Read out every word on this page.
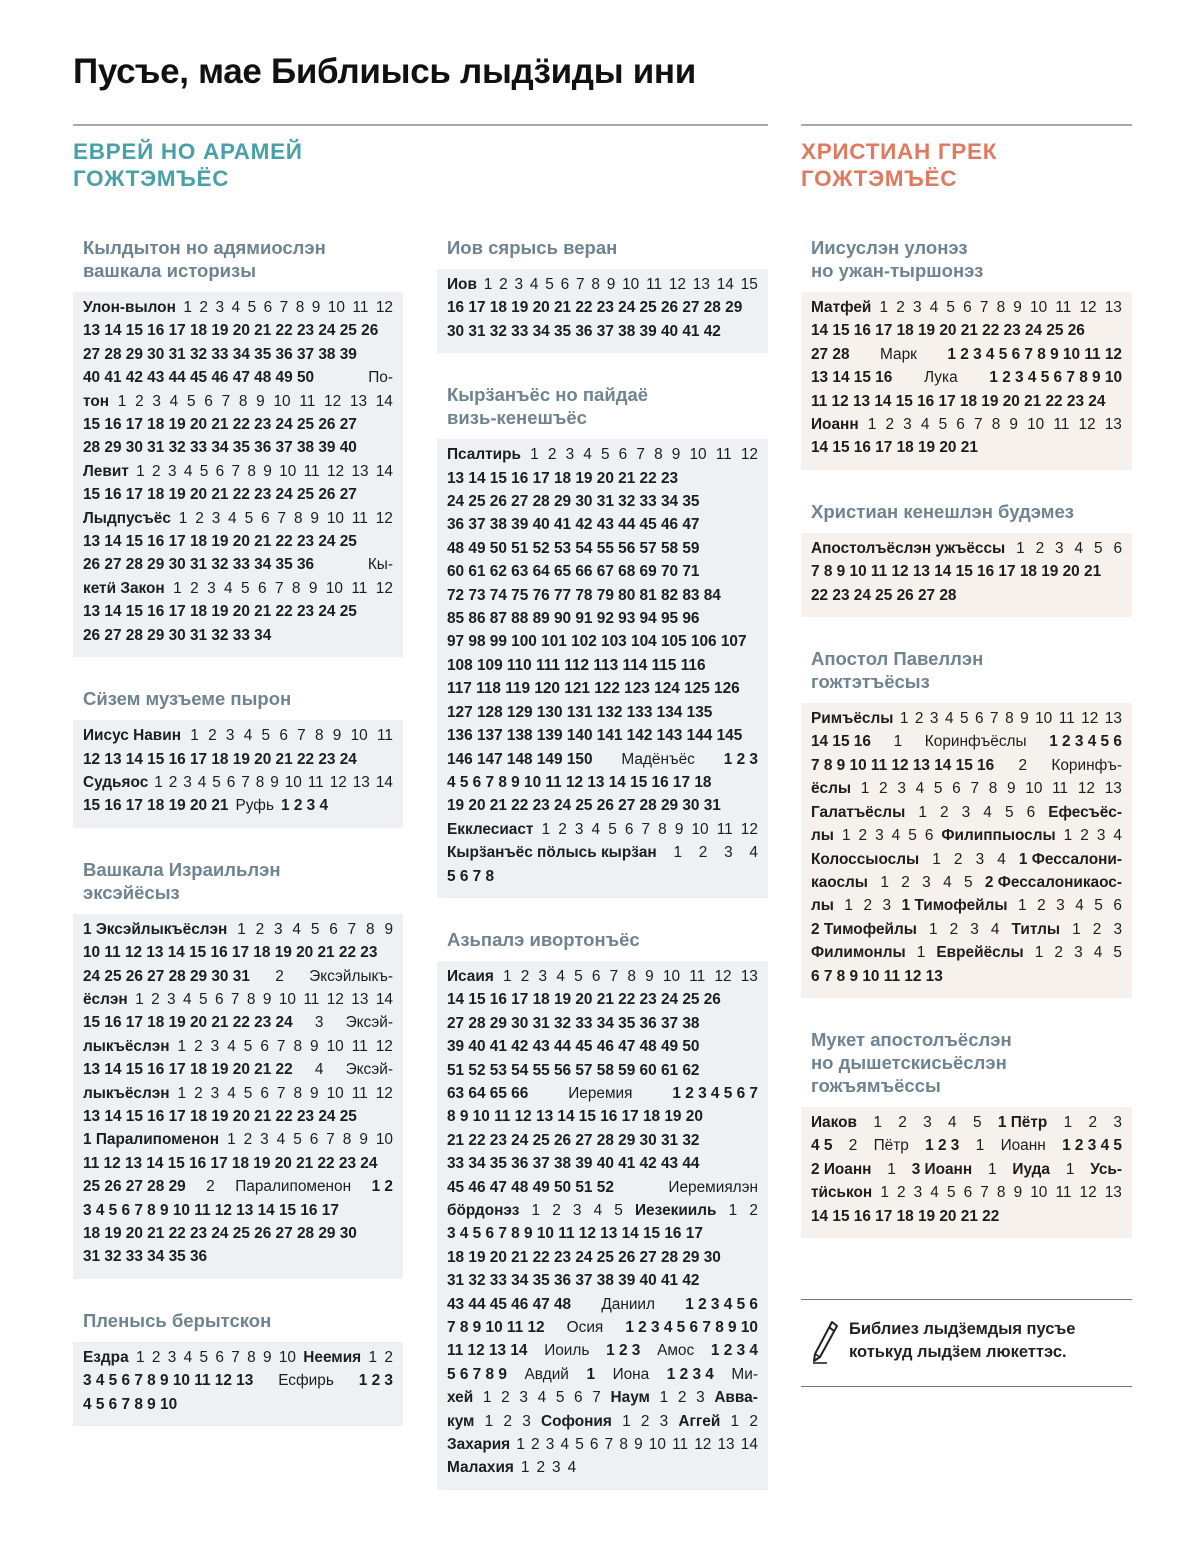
Пусъе, мае Библиысь лыдӟиды ини
ЕВРЕЙ НО АРАМЕЙ
ГОЖТЭМЪЁС
ХРИСТИАН ГРЕК
ГОЖТЭМЪЁС
Кылдытон но адямиослэн
вашкала историзы
Улон-вылон 1 2 3 4 5 6 7 8 9 10 11 12
13 14 15 16 17 18 19 20 21 22 23 24 25 26
27 28 29 30 31 32 33 34 35 36 37 38 39
40 41 42 43 44 45 46 47 48 49 50	По-
тон 1 2 3 4 5 6 7 8 9 10 11 12 13 14
15 16 17 18 19 20 21 22 23 24 25 26 27
28 29 30 31 32 33 34 35 36 37 38 39 40
Левит 1 2 3 4 5 6 7 8 9 10 11 12 13 14
15 16 17 18 19 20 21 22 23 24 25 26 27
Лыдпусъёс 1 2 3 4 5 6 7 8 9 10 11 12
13 14 15 16 17 18 19 20 21 22 23 24 25
26 27 28 29 30 31 32 33 34 35 36	Кы-
кетӥ Закон 1 2 3 4 5 6 7 8 9 10 11 12
13 14 15 16 17 18 19 20 21 22 23 24 25
26 27 28 29 30 31 32 33 34
Сӥзем музъеме пырон
Иисус Навин 1 2 3 4 5 6 7 8 9 10 11
12 13 14 15 16 17 18 19 20 21 22 23 24
Судьяос 1 2 3 4 5 6 7 8 9 10 11 12 13 14
15 16 17 18 19 20 21 Руфь 1 2 3 4
Вашкала Израильлэн
эксэйёсыз
1 Эксэйлыкъёслэн 1 2 3 4 5 6 7 8 9
10 11 12 13 14 15 16 17 18 19 20 21 22 23
24 25 26 27 28 29 30 31 2 Эксэйлыкъ-
ёслэн 1 2 3 4 5 6 7 8 9 10 11 12 13 14
15 16 17 18 19 20 21 22 23 24 3 Эксэй-
лыкъёслэн 1 2 3 4 5 6 7 8 9 10 11 12
13 14 15 16 17 18 19 20 21 22 4 Эксэй-
лыкъёслэн 1 2 3 4 5 6 7 8 9 10 11 12
13 14 15 16 17 18 19 20 21 22 23 24 25
1 Паралипоменон 1 2 3 4 5 6 7 8 9 10
11 12 13 14 15 16 17 18 19 20 21 22 23 24
25 26 27 28 29 2 Паралипоменон 1 2
3 4 5 6 7 8 9 10 11 12 13 14 15 16 17
18 19 20 21 22 23 24 25 26 27 28 29 30
31 32 33 34 35 36
Пленысь берытскон
Ездра 1 2 3 4 5 6 7 8 9 10 Неемия 1 2
3 4 5 6 7 8 9 10 11 12 13 Есфирь 1 2 3
4 5 6 7 8 9 10
Иов сярысь веран
Иов 1 2 3 4 5 6 7 8 9 10 11 12 13 14 15
16 17 18 19 20 21 22 23 24 25 26 27 28 29
30 31 32 33 34 35 36 37 38 39 40 41 42
Кырӟанъёс но пайдаё
визь-кенешъёс
Псалтирь 1 2 3 4 5 6 7 8 9 10 11 12
13 14 15 16 17 18 19 20 21 22 23
24 25 26 27 28 29 30 31 32 33 34 35
36 37 38 39 40 41 42 43 44 45 46 47
48 49 50 51 52 53 54 55 56 57 58 59
60 61 62 63 64 65 66 67 68 69 70 71
72 73 74 75 76 77 78 79 80 81 82 83 84
85 86 87 88 89 90 91 92 93 94 95 96
97 98 99 100 101 102 103 104 105 106 107
108 109 110 111 112 113 114 115 116
117 118 119 120 121 122 123 124 125 126
127 128 129 130 131 132 133 134 135
136 137 138 139 140 141 142 143 144 145
146 147 148 149 150 Мадёнъёс 1 2 3
4 5 6 7 8 9 10 11 12 13 14 15 16 17 18
19 20 21 22 23 24 25 26 27 28 29 30 31
Екклесиаст 1 2 3 4 5 6 7 8 9 10 11 12
Кырӟанъёс пӧлысь кырӟан 1 2 3 4
5 6 7 8
Азьпалэ ивортонъёс
Исаия 1 2 3 4 5 6 7 8 9 10 11 12 13
14 15 16 17 18 19 20 21 22 23 24 25 26
27 28 29 30 31 32 33 34 35 36 37 38
39 40 41 42 43 44 45 46 47 48 49 50
51 52 53 54 55 56 57 58 59 60 61 62
63 64 65 66	Иеремия	1 2 3 4 5 6 7
8 9 10 11 12 13 14 15 16 17 18 19 20
21 22 23 24 25 26 27 28 29 30 31 32
33 34 35 36 37 38 39 40 41 42 43 44
45 46 47 48 49 50 51 52	Иеремиялэн
бӧрдонэз 1 2 3 4 5 Иезекииль 1 2
3 4 5 6 7 8 9 10 11 12 13 14 15 16 17
18 19 20 21 22 23 24 25 26 27 28 29 30
31 32 33 34 35 36 37 38 39 40 41 42
43 44 45 46 47 48 Даниил 1 2 3 4 5 6
7 8 9 10 11 12 Осия 1 2 3 4 5 6 7 8 9 10
11 12 13 14 Иоиль 1 2 3 Амос 1 2 3 4
5 6 7 8 9 Авдий 1 Иона 1 2 3 4 Ми-
хей 1 2 3 4 5 6 7 Наум 1 2 3 Авва-
кум 1 2 3 Софония 1 2 3 Аггей 1 2
Захария 1 2 3 4 5 6 7 8 9 10 11 12 13 14
Малахия 1 2 3 4
Иисуслэн улонэз
но ужан-тыршонэз
Матфей 1 2 3 4 5 6 7 8 9 10 11 12 13
14 15 16 17 18 19 20 21 22 23 24 25 26
27 28 Марк 1 2 3 4 5 6 7 8 9 10 11 12
13 14 15 16 Лука 1 2 3 4 5 6 7 8 9 10
11 12 13 14 15 16 17 18 19 20 21 22 23 24
Иоанн 1 2 3 4 5 6 7 8 9 10 11 12 13
14 15 16 17 18 19 20 21
Христиан кенешлэн будэмез
Апостолъёслэн ужъёссы 1 2 3 4 5 6
7 8 9 10 11 12 13 14 15 16 17 18 19 20 21
22 23 24 25 26 27 28
Апостол Павеллэн
гожтэтъёсыз
Римъёслы 1 2 3 4 5 6 7 8 9 10 11 12 13
14 15 16 1 Коринфъёслы 1 2 3 4 5 6
7 8 9 10 11 12 13 14 15 16 2 Коринфъ-
ёслы 1 2 3 4 5 6 7 8 9 10 11 12 13
Галатъёслы 1 2 3 4 5 6 Ефесъёс-
лы 1 2 3 4 5 6 Филиппыослы 1 2 3 4
Колоссыослы 1 2 3 4 1 Фессалони-
каослы 1 2 3 4 5 2 Фессалоникаос-
лы 1 2 3 1 Тимофейлы 1 2 3 4 5 6
2 Тимофейлы 1 2 3 4 Титлы 1 2 3
Филимонлы 1 Еврейёслы 1 2 3 4 5
6 7 8 9 10 11 12 13
Мукет апостолъёслэн
но дышетскисьёслэн
гожъямъёссы
Иаков 1 2 3 4 5 1 Пётр 1 2 3
4 5 2 Пётр 1 2 3 1 Иоанн 1 2 3 4 5
2 Иоанн 1 3 Иоанн 1 Иуда 1 Усь-
тӥськон 1 2 3 4 5 6 7 8 9 10 11 12 13
14 15 16 17 18 19 20 21 22
Библиез лыдӟемдыя пусъе
котькуд лыдӟем люкеттэс.
